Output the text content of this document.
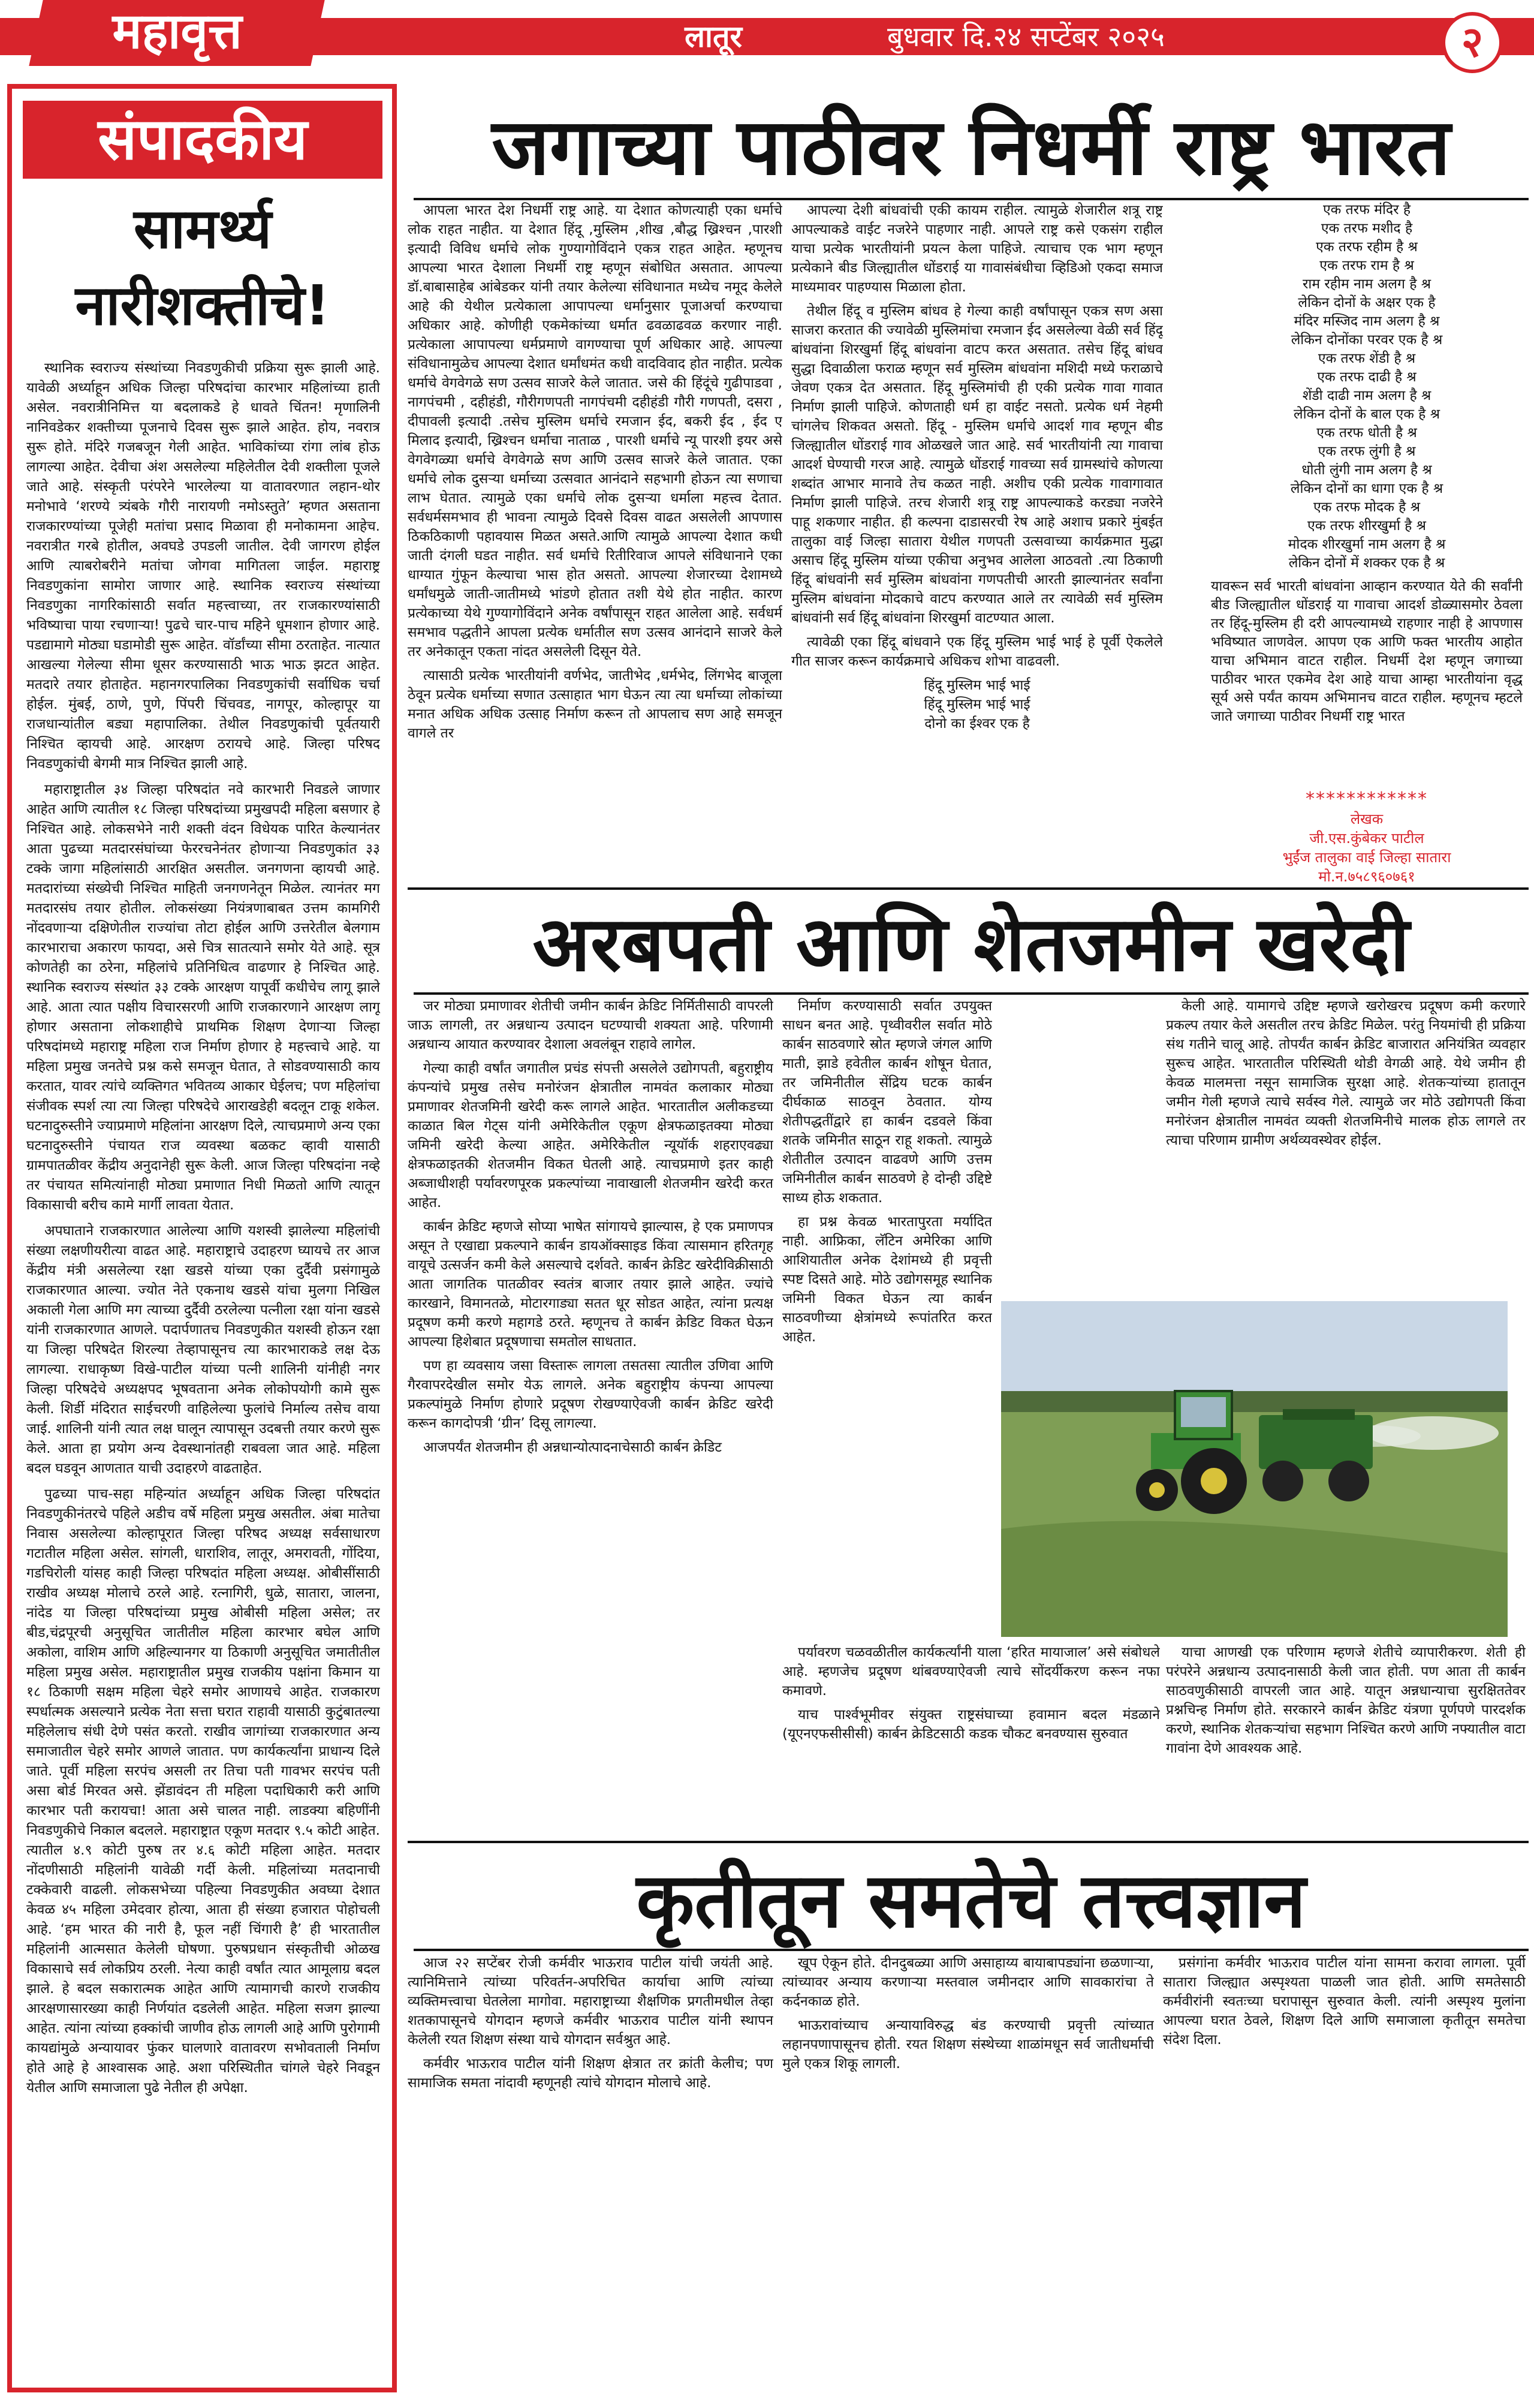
महावृत्त	लातूर	बुधवार दि.२४ सप्टेंबर २०२५	२
संपादकीय
सामर्थ्य
नारीशक्तीचे!

स्थानिक स्वराज्य संस्थांच्या निवडणुकीची प्रक्रिया सुरू झाली आहे. यावेळी अर्ध्याहून अधिक जिल्हा परिषदांचा कारभार महिलांच्या हाती असेल. नवरात्रीनिमित्त या बदलाकडे हे धावते चिंतन! मृणालिनी नानिवडेकर शक्तीच्या पूजनाचे दिवस सुरू झाले आहेत. होय, नवरात्र सुरू होते. मंदिरे गजबजून गेली आहेत. भाविकांच्या रांगा लांब होऊ लागल्या आहेत. देवीचा अंश असलेल्या महिलेतील देवी शक्तीला पूजले जाते आहे. संस्कृती परंपरेने भारलेल्या या वातावरणात लहान-थोर मनोभावे ‘शरण्ये त्र्यंबके गौरी नारायणी नमोऽस्तुते’ म्हणत असताना राजकारण्यांच्या पूजेही मतांचा प्रसाद मिळावा ही मनोकामना आहेच. नवरात्रीत गरबे होतील, अवघडे उपडली जातील. देवी जागरण होईल आणि त्याबरोबरीने मतांचा जोगवा मागितला जाईल. महाराष्ट्र निवडणुकांना सामोरा जाणार आहे. स्थानिक स्वराज्य संस्थांच्या निवडणुका नागरिकांसाठी सर्वात महत्त्वाच्या, तर राजकारण्यांसाठी भविष्याचा पाया रचणाऱ्या! पुढचे चार-पाच महिने धूमशान होणार आहे. पडद्यामागे मोठ्या घडामोडी सुरू आहेत. वॉर्डांच्या सीमा ठरताहेत. नात्यात आखल्या गेलेल्या सीमा धूसर करण्यासाठी भाऊ भाऊ झटत आहेत. मतदारे तयार होताहेत. महानगरपालिका निवडणुकांची सर्वाधिक चर्चा होईल. मुंबई, ठाणे, पुणे, पिंपरी चिंचवड, नागपूर, कोल्हापूर या राजधान्यांतील बड्या महापालिका. तेथील निवडणुकांची पूर्वतयारी निश्चित व्हायची आहे. आरक्षण ठरायचे आहे. जिल्हा परिषद निवडणुकांची बेगमी मात्र निश्चित झाली आहे.

महाराष्ट्रातील ३४ जिल्हा परिषदांत नवे कारभारी निवडले जाणार आहेत आणि त्यातील १८ जिल्हा परिषदांच्या प्रमुखपदी महिला बसणार हे निश्चित आहे. लोकसभेने नारी शक्ती वंदन विधेयक पारित केल्यानंतर आता पुढच्या मतदारसंघांच्या फेररचनेनंतर होणाऱ्या निवडणुकांत ३३ टक्के जागा महिलांसाठी आरक्षित असतील. जनगणना व्हायची आहे. मतदारांच्या संख्येची निश्चित माहिती जनगणनेतून मिळेल. त्यानंतर मग मतदारसंघ तयार होतील. लोकसंख्या नियंत्रणाबाबत उत्तम कामगिरी नोंदवणाऱ्या दक्षिणेतील राज्यांचा तोटा होईल आणि उत्तरेतील बेलगाम कारभाराचा अकारण फायदा, असे चित्र सातत्याने समोर येते आहे. सूत्र कोणतेही का ठरेना, महिलांचे प्रतिनिधित्व वाढणार हे निश्चित आहे. स्थानिक स्वराज्य संस्थांत ३३ टक्के आरक्षण यापूर्वी कधीचेच लागू झाले आहे. आता त्यात पक्षीय विचारसरणी आणि राजकारणाने आरक्षण लागू होणार असताना लोकशाहीचे प्राथमिक शिक्षण देणाऱ्या जिल्हा परिषदांमध्ये महाराष्ट्र महिला राज निर्माण होणार हे महत्त्वाचे आहे. या महिला प्रमुख जनतेचे प्रश्न कसे समजून घेतात, ते सोडवण्यासाठी काय करतात, यावर त्यांचे व्यक्तिगत भवितव्य आकार घेईलच; पण महिलांचा संजीवक स्पर्श त्या त्या जिल्हा परिषदेचे आराखडेही बदलून टाकू शकेल. घटनादुरुस्तीने ज्याप्रमाणे महिलांना आरक्षण दिले, त्याचप्रमाणे अन्य एका घटनादुरुस्तीने पंचायत राज व्यवस्था बळकट व्हावी यासाठी ग्रामपातळीवर केंद्रीय अनुदानेही सुरू केली. आज जिल्हा परिषदांना नव्हे तर पंचायत समित्यांनाही मोठ्या प्रमाणात निधी मिळतो आणि त्यातून विकासाची बरीच कामे मार्गी लावता येतात.

अपघाताने राजकारणात आलेल्या आणि यशस्वी झालेल्या महिलांची संख्या लक्षणीयरीत्या वाढत आहे. महाराष्ट्राचे उदाहरण घ्यायचे तर आज केंद्रीय मंत्री असलेल्या रक्षा खडसे यांच्या एका दुर्दैवी प्रसंगामुळे राजकारणात आल्या. ज्योत नेते एकनाथ खडसे यांचा मुलगा निखिल अकाली गेला आणि मग त्याच्या दुर्दैवी ठरलेल्या पत्नीला रक्षा यांना खडसे यांनी राजकारणात आणले. पदार्पणातच निवडणुकीत यशस्वी होऊन रक्षा या जिल्हा परिषदेत शिरल्या तेव्हापासूनच त्या कारभाराकडे लक्ष देऊ लागल्या. राधाकृष्ण विखे-पाटील यांच्या पत्नी शालिनी यांनीही नगर जिल्हा परिषदेचे अध्यक्षपद भूषवताना अनेक लोकोपयोगी कामे सुरू केली. शिर्डी मंदिरात साईचरणी वाहिलेल्या फुलांचे निर्माल्य तसेच वाया जाई. शालिनी यांनी त्यात लक्ष घालून त्यापासून उदबत्ती तयार करणे सुरू केले. आता हा प्रयोग अन्य देवस्थानांतही राबवला जात आहे. महिला बदल घडवून आणतात याची उदाहरणे वाढताहेत.

पुढच्या पाच-सहा महिन्यांत अर्ध्याहून अधिक जिल्हा परिषदांत निवडणुकीनंतरचे पहिले अडीच वर्षे महिला प्रमुख असतील. अंबा मातेचा निवास असलेल्या कोल्हापूरात जिल्हा परिषद अध्यक्ष सर्वसाधारण गटातील महिला असेल. सांगली, धाराशिव, लातूर, अमरावती, गोंदिया, गडचिरोली यांसह काही जिल्हा परिषदांत महिला अध्यक्ष. ओबीसींसाठी राखीव अध्यक्ष मोलाचे ठरले आहे. रत्नागिरी, धुळे, सातारा, जालना, नांदेड या जिल्हा परिषदांच्या प्रमुख ओबीसी महिला असेल; तर बीड,चंद्रपूरची अनुसूचित जातीतील महिला कारभार बघेल आणि अकोला, वाशिम आणि अहिल्यानगर या ठिकाणी अनुसूचित जमातीतील महिला प्रमुख असेल. महाराष्ट्रातील प्रमुख राजकीय पक्षांना किमान या १८ ठिकाणी सक्षम महिला चेहरे समोर आणायचे आहेत. राजकारण स्पर्धात्मक असल्याने प्रत्येक नेता सत्ता घरात राहावी यासाठी कुटुंबातल्या महिलेलाच संधी देणे पसंत करतो. राखीव जागांच्या राजकारणात अन्य समाजातील चेहरे समोर आणले जातात. पण कार्यकर्त्यांना प्राधान्य दिले जाते. पूर्वी महिला सरपंच असली तर तिचा पती गावभर सरपंच पती असा बोर्ड मिरवत असे. झेंडावंदन ती महिला पदाधिकारी करी आणि कारभार पती करायचा! आता असे चालत नाही. लाडक्या बहिणींनी निवडणुकीचे निकाल बदलले. महाराष्ट्रात एकूण मतदार ९.५ कोटी आहेत. त्यातील ४.९ कोटी पुरुष तर ४.६ कोटी महिला आहेत. मतदार नोंदणीसाठी महिलांनी यावेळी गर्दी केली. महिलांच्या मतदानाची टक्केवारी वाढली. लोकसभेच्या पहिल्या निवडणुकीत अवघ्या देशात केवळ ४५ महिला उमेदवार होत्या, आता ही संख्या हजारात पोहोचली आहे. ‘हम भारत की नारी है, फूल नहीं चिंगारी है’ ही भारतातील महिलांनी आत्मसात केलेली घोषणा. पुरुषप्रधान संस्कृतीची ओळख विकासाचे सर्व लोकप्रिय ठरली. नेत्या काही वर्षांत त्यात आमूलाग्र बदल झाले. हे बदल सकारात्मक आहेत आणि त्यामागची कारणे राजकीय आरक्षणासारख्या काही निर्णयांत दडलेली आहेत. महिला सजग झाल्या आहेत. त्यांना त्यांच्या हक्कांची जाणीव होऊ लागली आहे आणि पुरोगामी कायद्यांमुळे अन्यायावर फुंकर घालणारे वातावरण सभोवताली निर्माण होते आहे हे आश्वासक आहे. अशा परिस्थितीत चांगले चेहरे निवडून येतील आणि समाजाला पुढे नेतील ही अपेक्षा.

जगाच्या पाठीवर निधर्मी राष्ट्र भारत

आपला भारत देश निधर्मी राष्ट्र आहे. या देशात कोणत्याही एका धर्माचे लोक राहत नाहीत. या देशात हिंदू ,मुस्लिम ,शीख ,बौद्ध ख्रिश्चन ,पारशी इत्यादी विविध धर्माचे लोक गुण्यागोविंदाने एकत्र राहत आहेत. म्हणूनच आपल्या भारत देशाला निधर्मी राष्ट्र म्हणून संबोधित असतात. आपल्या डॉ.बाबासाहेब आंबेडकर यांनी तयार केलेल्या संविधानात मध्येच नमूद केलेले आहे की येथील प्रत्येकाला आपापल्या धर्मानुसार पूजाअर्चा करण्याचा अधिकार आहे. कोणीही एकमेकांच्या धर्मात ढवळाढवळ करणार नाही. प्रत्येकाला आपापल्या धर्मप्रमाणे वागण्याचा पूर्ण अधिकार आहे. आपल्या संविधानामुळेच आपल्या देशात धर्मांधमंत कधी वादविवाद होत नाहीत. प्रत्येक धर्माचे वेगवेगळे सण उत्सव साजरे केले जातात. जसे की हिंदूंचे गुढीपाडवा , नागपंचमी , दहीहंडी, गौरीगणपती नागपंचमी दहीहंडी गौरी गणपती, दसरा , दीपावली इत्यादी .तसेच मुस्लिम धर्माचे रमजान ईद, बकरी ईद , ईद ए मिलाद इत्यादी, ख्रिश्चन धर्माचा नाताळ , पारशी धर्माचे न्यू पारशी इयर असे वेगवेगळ्या धर्माचे वेगवेगळे सण आणि उत्सव साजरे केले जातात. एका धर्माचे लोक दुसऱ्या धर्माच्या उत्सवात आनंदाने सहभागी होऊन त्या सणाचा लाभ घेतात. त्यामुळे एका धर्माचे लोक दुसऱ्या धर्माला महत्त्व देतात. सर्वधर्मसमभाव ही भावना त्यामुळे दिवसे दिवस वाढत असलेली आपणास ठिकठिकाणी पहावयास मिळत असते.आणि त्यामुळे आपल्या देशात कधी जाती दंगली घडत नाहीत. सर्व धर्माचे रितीरिवाज आपले संविधानाने एका धाग्यात गुंफून केल्याचा भास होत असतो. आपल्या शेजारच्या देशामध्ये धर्मांधमुळे जाती-जातीमध्ये भांडणे होतात तशी येथे होत नाहीत. कारण प्रत्येकाच्या येथे गुण्यागोविंदाने अनेक वर्षांपासून राहत आलेला आहे. सर्वधर्म समभाव पद्धतीने आपला प्रत्येक धर्मातील सण उत्सव आनंदाने साजरे केले तर अनेकातून एकता नांदत असलेली दिसून येते.

त्यासाठी प्रत्येक भारतीयांनी वर्णभेद, जातीभेद ,धर्मभेद, लिंगभेद बाजूला ठेवून प्रत्येक धर्माच्या सणात उत्साहात भाग घेऊन त्या त्या धर्माच्या लोकांच्या मनात अधिक अधिक उत्साह निर्माण करून तो आपलाच सण आहे समजून वागले तर

आपल्या देशी बांधवांची एकी कायम राहील. त्यामुळे शेजारील शत्रू राष्ट्र आपल्याकडे वाईट नजरेने पाहणार नाही. आपले राष्ट्र कसे एकसंग राहील याचा प्रत्येक भारतीयांनी प्रयत्न केला पाहिजे. त्याचाच एक भाग म्हणून प्रत्येकाने बीड जिल्ह्यातील धोंडराई या गावासंबंधीचा व्हिडिओ एकदा समाज माध्यमावर पाहण्यास मिळाला होता.

तेथील हिंदू व मुस्लिम बांधव हे गेल्या काही वर्षांपासून एकत्र सण असा साजरा करतात की ज्यावेळी मुस्लिमांचा रमजान ईद असलेल्या वेळी सर्व हिंदू बांधवांना शिरखुर्मा हिंदू बांधवांना वाटप करत असतात. तसेच हिंदू बांधव सुद्धा दिवाळीला फराळ म्हणून सर्व मुस्लिम बांधवांना मशिदी मध्ये फराळाचे जेवण एकत्र देत असतात. हिंदू मुस्लिमांची ही एकी प्रत्येक गावा गावात निर्माण झाली पाहिजे. कोणताही धर्म हा वाईट नसतो. प्रत्येक धर्म नेहमी चांगलेच शिकवत असतो. हिंदू - मुस्लिम धर्माचे आदर्श गाव म्हणून बीड जिल्ह्यातील धोंडराई गाव ओळखले जात आहे. सर्व भारतीयांनी त्या गावाचा आदर्श घेण्याची गरज आहे. त्यामुळे धोंडराई गावच्या सर्व ग्रामस्थांचे कोणत्या शब्दांत आभार मानावे तेच कळत नाही. अशीच एकी प्रत्येक गावागावात निर्माण झाली पाहिजे. तरच शेजारी शत्रू राष्ट्र आपल्याकडे करड्या नजरेने पाहू शकणार नाहीत. ही कल्पना दाडासरची रेष आहे अशाच प्रकारे मुंबईत तालुका वाई जिल्हा सातारा येथील गणपती उत्सवाच्या कार्यक्रमात मुद्धा असाच हिंदू मुस्लिम यांच्या एकीचा अनुभव आलेला आठवतो .त्या ठिकाणी हिंदू बांधवांनी सर्व मुस्लिम बांधवांना गणपतीची आरती झाल्यानंतर सर्वांना मुस्लिम बांधवांना मोदकाचे वाटप करण्यात आले तर त्यावेळी सर्व मुस्लिम बांधवांनी सर्व हिंदू बांधवांना शिरखुर्मा वाटण्यात आला.

त्यावेळी एका हिंदू बांधवाने एक हिंदू मुस्लिम भाई भाई हे पूर्वी ऐकलेले गीत साजर करून कार्यक्रमाचे अधिकच शोभा वाढवली.

हिंदू मुस्लिम भाई भाई
हिंदू मुस्लिम भाई भाई
दोनो का ईश्वर एक है
एक तरफ मंदिर है
एक तरफ मशीद है
एक तरफ रहीम है श्र
एक तरफ राम है श्र
राम रहीम नाम अलग है श्र
लेकिन दोनों के अक्षर एक है
मंदिर मस्जिद नाम अलग है श्र
लेकिन दोनोंका परवर एक है श्र
एक तरफ शेंडी है श्र
एक तरफ दाढी है श्र
शेंडी दाढी नाम अलग है श्र
लेकिन दोनों के बाल एक है श्र
एक तरफ धोती है श्र
एक तरफ लुंगी है श्र
धोती लुंगी नाम अलग है श्र
लेकिन दोनों का धागा एक है श्र
एक तरफ मोदक है श्र
एक तरफ शीरखुर्मा है श्र
मोदक शीरखुर्मा नाम अलग है श्र
लेकिन दोनों में शक्कर एक है श्र

यावरून सर्व भारती बांधवांना आव्हान करण्यात येते की सर्वांनी बीड जिल्ह्यातील धोंडराई या गावाचा आदर्श डोळ्यासमोर ठेवला तर हिंदू-मुस्लिम ही दरी आपल्यामध्ये राहणार नाही हे आपणास भविष्यात जाणवेल. आपण एक आणि फक्त भारतीय आहोत याचा अभिमान वाटत राहील. निधर्मी देश म्हणून जगाच्या पाठीवर भारत एकमेव देश आहे याचा आम्हा भारतीयांना वृद्ध सूर्य असे पर्यंत कायम अभिमानच वाटत राहील. म्हणूनच म्हटले जाते जगाच्या पाठीवर निधर्मी राष्ट्र भारत

************
लेखक
जी.एस.कुंबेकर पाटील
भुईंज तालुका वाई जिल्हा सातारा
मो.न.७५८९६०७६१
अरबपती आणि शेतजमीन खरेदी

जर मोठ्या प्रमाणावर शेतीची जमीन कार्बन क्रेडिट निर्मितीसाठी वापरली जाऊ लागली, तर अन्नधान्य उत्पादन घटण्याची शक्यता आहे. परिणामी अन्नधान्य आयात करण्यावर देशाला अवलंबून राहावे लागेल.

गेल्या काही वर्षांत जगातील प्रचंड संपत्ती असलेले उद्योगपती, बहुराष्ट्रीय कंपन्यांचे प्रमुख तसेच मनोरंजन क्षेत्रातील नामवंत कलाकार मोठ्या प्रमाणावर शेतजमिनी खरेदी करू लागले आहेत. भारतातील अलीकडच्या काळात बिल गेट्स यांनी अमेरिकेतील एकूण क्षेत्रफळाइतक्या मोठ्या जमिनी खरेदी केल्या आहेत. अमेरिकेतील न्यूयॉर्क शहराएवढ्या क्षेत्रफळाइतकी शेतजमीन विकत घेतली आहे. त्याचप्रमाणे इतर काही अब्जाधीशही पर्यावरणपूरक प्रकल्पांच्या नावाखाली शेतजमीन खरेदी करत आहेत.

कार्बन क्रेडिट म्हणजे सोप्या भाषेत सांगायचे झाल्यास, हे एक प्रमाणपत्र असून ते एखाद्या प्रकल्पाने कार्बन डायऑक्साइड किंवा त्यासमान हरितगृह वायूचे उत्सर्जन कमी केले असल्याचे दर्शवते. कार्बन क्रेडिट खरेदीविक्रीसाठी आता जागतिक पातळीवर स्वतंत्र बाजार तयार झाले आहेत. ज्यांचे कारखाने, विमानतळे, मोटारगाड्या सतत धूर सोडत आहेत, त्यांना प्रत्यक्ष प्रदूषण कमी करणे महागडे ठरते. म्हणूनच ते कार्बन क्रेडिट विकत घेऊन आपल्या हिशेबात प्रदूषणाचा समतोल साधतात.

पण हा व्यवसाय जसा विस्तारू लागला तसतसा त्यातील उणिवा आणि गैरवापरदेखील समोर येऊ लागले. अनेक बहुराष्ट्रीय कंपन्या आपल्या प्रकल्पांमुळे निर्माण होणारे प्रदूषण रोखण्याऐवजी कार्बन क्रेडिट खरेदी करून कागदोपत्री ‘ग्रीन’ दिसू लागल्या.

आजपर्यंत शेतजमीन ही अन्नधान्योत्पादनाचेसाठी कार्बन क्रेडिट

निर्माण करण्यासाठी सर्वात उपयुक्त साधन बनत आहे. पृथ्वीवरील सर्वात मोठे कार्बन साठवणारे स्रोत म्हणजे जंगल आणि माती, झाडे हवेतील कार्बन शोषून घेतात, तर जमिनीतील सेंद्रिय घटक कार्बन दीर्घकाळ साठवून ठेवतात. योग्य शेतीपद्धतींद्वारे हा कार्बन दडवले किंवा शतके जमिनीत साठून राहू शकतो. त्यामुळे शेतीतील उत्पादन वाढवणे आणि उत्तम जमिनीतील कार्बन साठवणे हे दोन्ही उद्दिष्टे साध्य होऊ शकतात.

हा प्रश्न केवळ भारतापुरता मर्यादित नाही. आफ्रिका, लॅटिन अमेरिका आणि आशियातील अनेक देशांमध्ये ही प्रवृत्ती स्पष्ट दिसते आहे. मोठे उद्योगसमूह स्थानिक जमिनी विकत घेऊन त्या कार्बन साठवणीच्या क्षेत्रांमध्ये रूपांतरित करत आहेत.

पर्यावरण चळवळीतील कार्यकर्त्यांनी याला ‘हरित मायाजाल’ असे संबोधले आहे. म्हणजेच प्रदूषण थांबवण्याऐवजी त्याचे सोंदर्यीकरण करून नफा कमावणे.

याच पार्श्वभूमीवर संयुक्त राष्ट्रसंघाच्या हवामान बदल मंडळाने (यूएनएफसीसीसी) कार्बन क्रेडिटसाठी कडक चौकट बनवण्यास सुरुवात

केली आहे. यामागचे उद्दिष्ट म्हणजे खरोखरच प्रदूषण कमी करणारे प्रकल्प तयार केले असतील तरच क्रेडिट मिळेल. परंतु नियमांची ही प्रक्रिया संथ गतीने चालू आहे. तोपर्यंत कार्बन क्रेडिट बाजारात अनियंत्रित व्यवहार सुरूच आहेत. भारतातील परिस्थिती थोडी वेगळी आहे. येथे जमीन ही केवळ मालमत्ता नसून सामाजिक सुरक्षा आहे. शेतकऱ्यांच्या हातातून जमीन गेली म्हणजे त्याचे सर्वस्व गेले. त्यामुळे जर मोठे उद्योगपती किंवा मनोरंजन क्षेत्रातील नामवंत व्यक्ती शेतजमिनीचे मालक होऊ लागले तर त्याचा परिणाम ग्रामीण अर्थव्यवस्थेवर होईल.

याचा आणखी एक परिणाम म्हणजे शेतीचे व्यापारीकरण. शेती ही परंपरेने अन्नधान्य उत्पादनासाठी केली जात होती. पण आता ती कार्बन साठवणुकीसाठी वापरली जात आहे. यातून अन्नधान्याचा सुरक्षिततेवर प्रश्नचिन्ह निर्माण होते. सरकारने कार्बन क्रेडिट यंत्रणा पूर्णपणे पारदर्शक करणे, स्थानिक शेतकऱ्यांचा सहभाग निश्चित करणे आणि नफ्यातील वाटा गावांना देणे आवश्यक आहे.

कृतीतून समतेचे तत्त्वज्ञान

आज २२ सप्टेंबर रोजी कर्मवीर भाऊराव पाटील यांची जयंती आहे. त्यानिमित्ताने त्यांच्या परिवर्तन-अपरिचित कार्याचा आणि त्यांच्या व्यक्तिमत्त्वाचा घेतलेला मागोवा. महाराष्ट्राच्या शैक्षणिक प्रगतीमधील तेव्हा शतकापासूनचे योगदान म्हणजे कर्मवीर भाऊराव पाटील यांनी स्थापन केलेली रयत शिक्षण संस्था याचे योगदान सर्वश्रुत आहे.

कर्मवीर भाऊराव पाटील यांनी शिक्षण क्षेत्रात तर क्रांती केलीच; पण सामाजिक समता नांदावी म्हणूनही त्यांचे योगदान मोलाचे आहे.

खूप ऐकून होते. दीनदुबळ्या आणि असाहाय्य बायाबापड्यांना छळणाऱ्या, त्यांच्यावर अन्याय करणाऱ्या मस्तवाल जमीनदार आणि सावकारांचा ते कर्दनकाळ होते.

भाऊरावांच्याच अन्यायाविरुद्ध बंड करण्याची प्रवृत्ती त्यांच्यात लहानपणापासूनच होती. रयत शिक्षण संस्थेच्या शाळांमधून सर्व जातीधर्माची मुले एकत्र शिकू लागली.

प्रसंगांना कर्मवीर भाऊराव पाटील यांना सामना करावा लागला. पूर्वी सातारा जिल्ह्यात अस्पृश्यता पाळली जात होती. आणि समतेसाठी कर्मवीरांनी स्वतःच्या घरापासून सुरुवात केली. त्यांनी अस्पृश्य मुलांना आपल्या घरात ठेवले, शिक्षण दिले आणि समाजाला कृतीतून समतेचा संदेश दिला.
